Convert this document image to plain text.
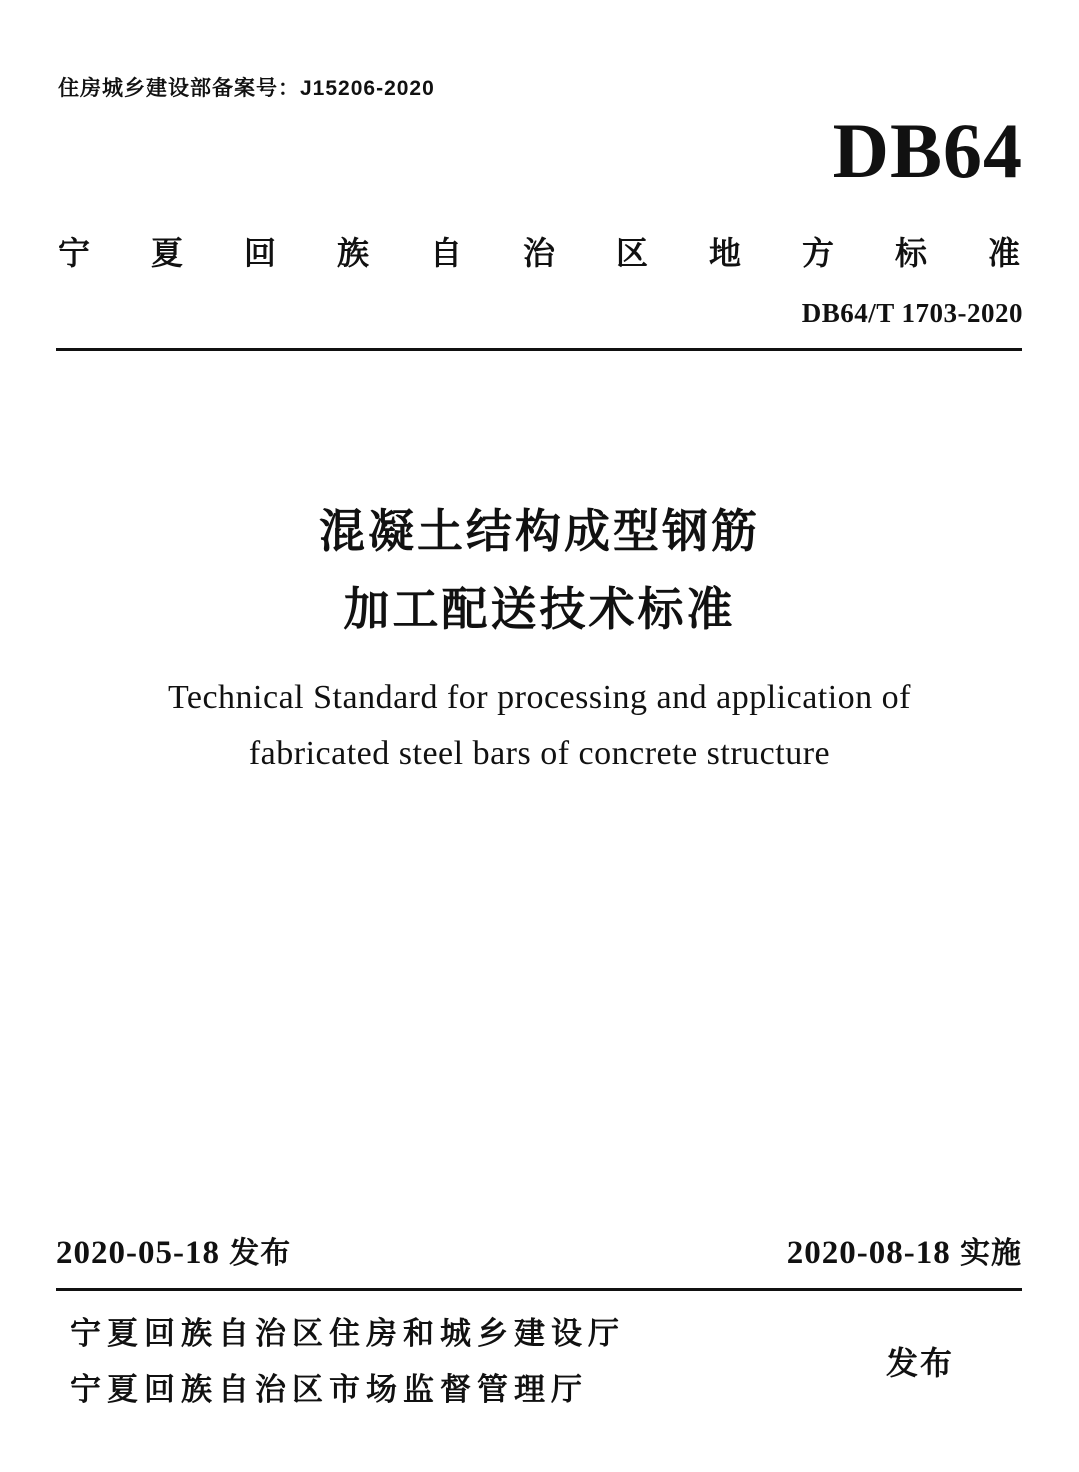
住房城乡建设部备案号：J15206-2020
DB64
宁夏回族自治区地方标准
DB64/T 1703-2020
混凝土结构成型钢筋
加工配送技术标准
Technical Standard for processing and application of
fabricated steel bars of concrete structure
2020-05-18 发布	2020-08-18 实施
宁夏回族自治区住房和城乡建设厅
宁夏回族自治区市场监督管理厅
发布
